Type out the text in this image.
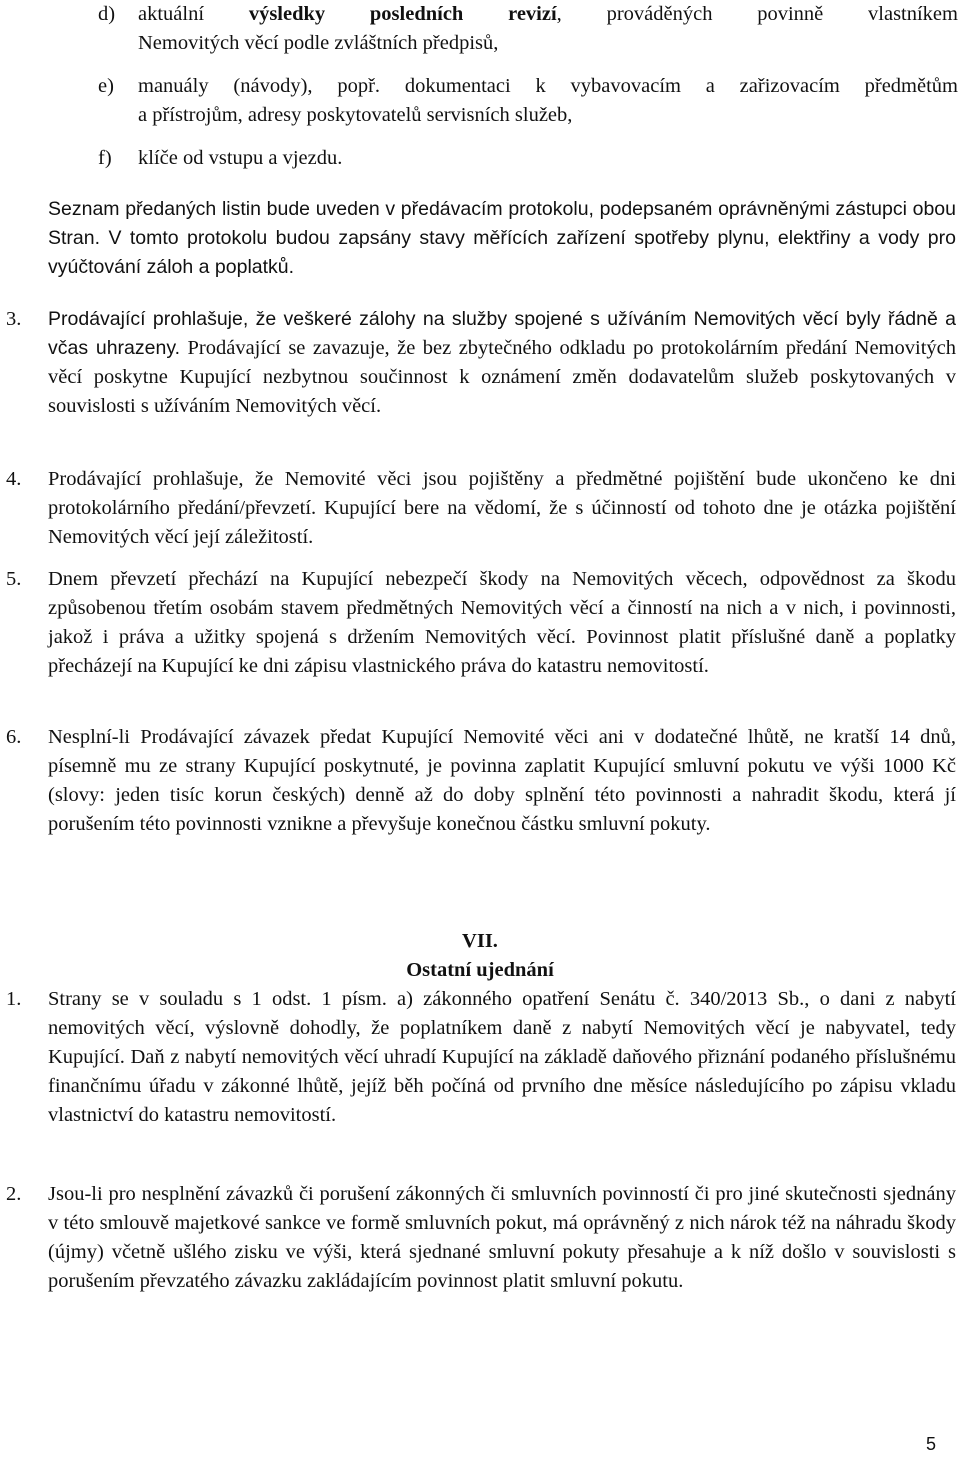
d)	aktuální výsledky posledních revizí, prováděných povinně vlastníkem
Nemovitých věcí podle zvláštních předpisů,
e)	manuály (návody), popř. dokumentaci k vybavovacím a zařizovacím předmětům
a přístrojům, adresy poskytovatelů servisních služeb,
f)	klíče od vstupu a vjezdu.
Seznam předaných listin bude uveden v předávacím protokolu, podepsaném oprávněnými zástupci obou Stran. V tomto protokolu budou zapsány stavy měřících zařízení spotřeby plynu, elektřiny a vody pro vyúčtování záloh a poplatků.
3.	Prodávající prohlašuje, že veškeré zálohy na služby spojené s užíváním Nemovitých věcí byly řádně a včas uhrazeny. Prodávající se zavazuje, že bez zbytečného odkladu po protokolárním předání Nemovitých věcí poskytne Kupující nezbytnou součinnost k oznámení změn dodavatelům služeb poskytovaných v souvislosti s užíváním Nemovitých věcí.
4.	Prodávající prohlašuje, že Nemovité věci jsou pojištěny a předmětné pojištění bude ukončeno ke dni protokolárního předání/převzetí. Kupující bere na vědomí, že s účinností od tohoto dne je otázka pojištění Nemovitých věcí její záležitostí.
5.	Dnem převzetí přechází na Kupující nebezpečí škody na Nemovitých věcech, odpovědnost za škodu způsobenou třetím osobám stavem předmětných Nemovitých věcí a činností na nich a v nich, i povinnosti, jakož i práva a užitky spojená s držením Nemovitých věcí. Povinnost platit příslušné daně a poplatky přecházejí na Kupující ke dni zápisu vlastnického práva do katastru nemovitostí.
6.	Nesplní-li Prodávající závazek předat Kupující Nemovité věci ani v dodatečné lhůtě, ne kratší 14 dnů, písemně mu ze strany Kupující poskytnuté, je povinna zaplatit Kupující smluvní pokutu ve výši 1000 Kč (slovy: jeden tisíc korun českých) denně až do doby splnění této povinnosti a nahradit škodu, která jí porušením této povinnosti vznikne a převyšuje konečnou částku smluvní pokuty.
VII.
Ostatní ujednání
1.	Strany se v souladu s 1 odst. 1 písm. a) zákonného opatření Senátu č. 340/2013 Sb., o dani z nabytí nemovitých věcí, výslovně dohodly, že poplatníkem daně z nabytí Nemovitých věcí je nabyvatel, tedy Kupující. Daň z nabytí nemovitých věcí uhradí Kupující na základě daňového přiznání podaného příslušnému finančnímu úřadu v zákonné lhůtě, jejíž běh počíná od prvního dne měsíce následujícího po zápisu vkladu vlastnictví do katastru nemovitostí.
2.	Jsou-li pro nesplnění závazků či porušení zákonných či smluvních povinností či pro jiné skutečnosti sjednány v této smlouvě majetkové sankce ve formě smluvních pokut, má oprávněný z nich nárok též na náhradu škody (újmy) včetně ušlého zisku ve výši, která sjednané smluvní pokuty přesahuje a k níž došlo v souvislosti s porušením převzatého závazku zakládajícím povinnost platit smluvní pokutu.
5
